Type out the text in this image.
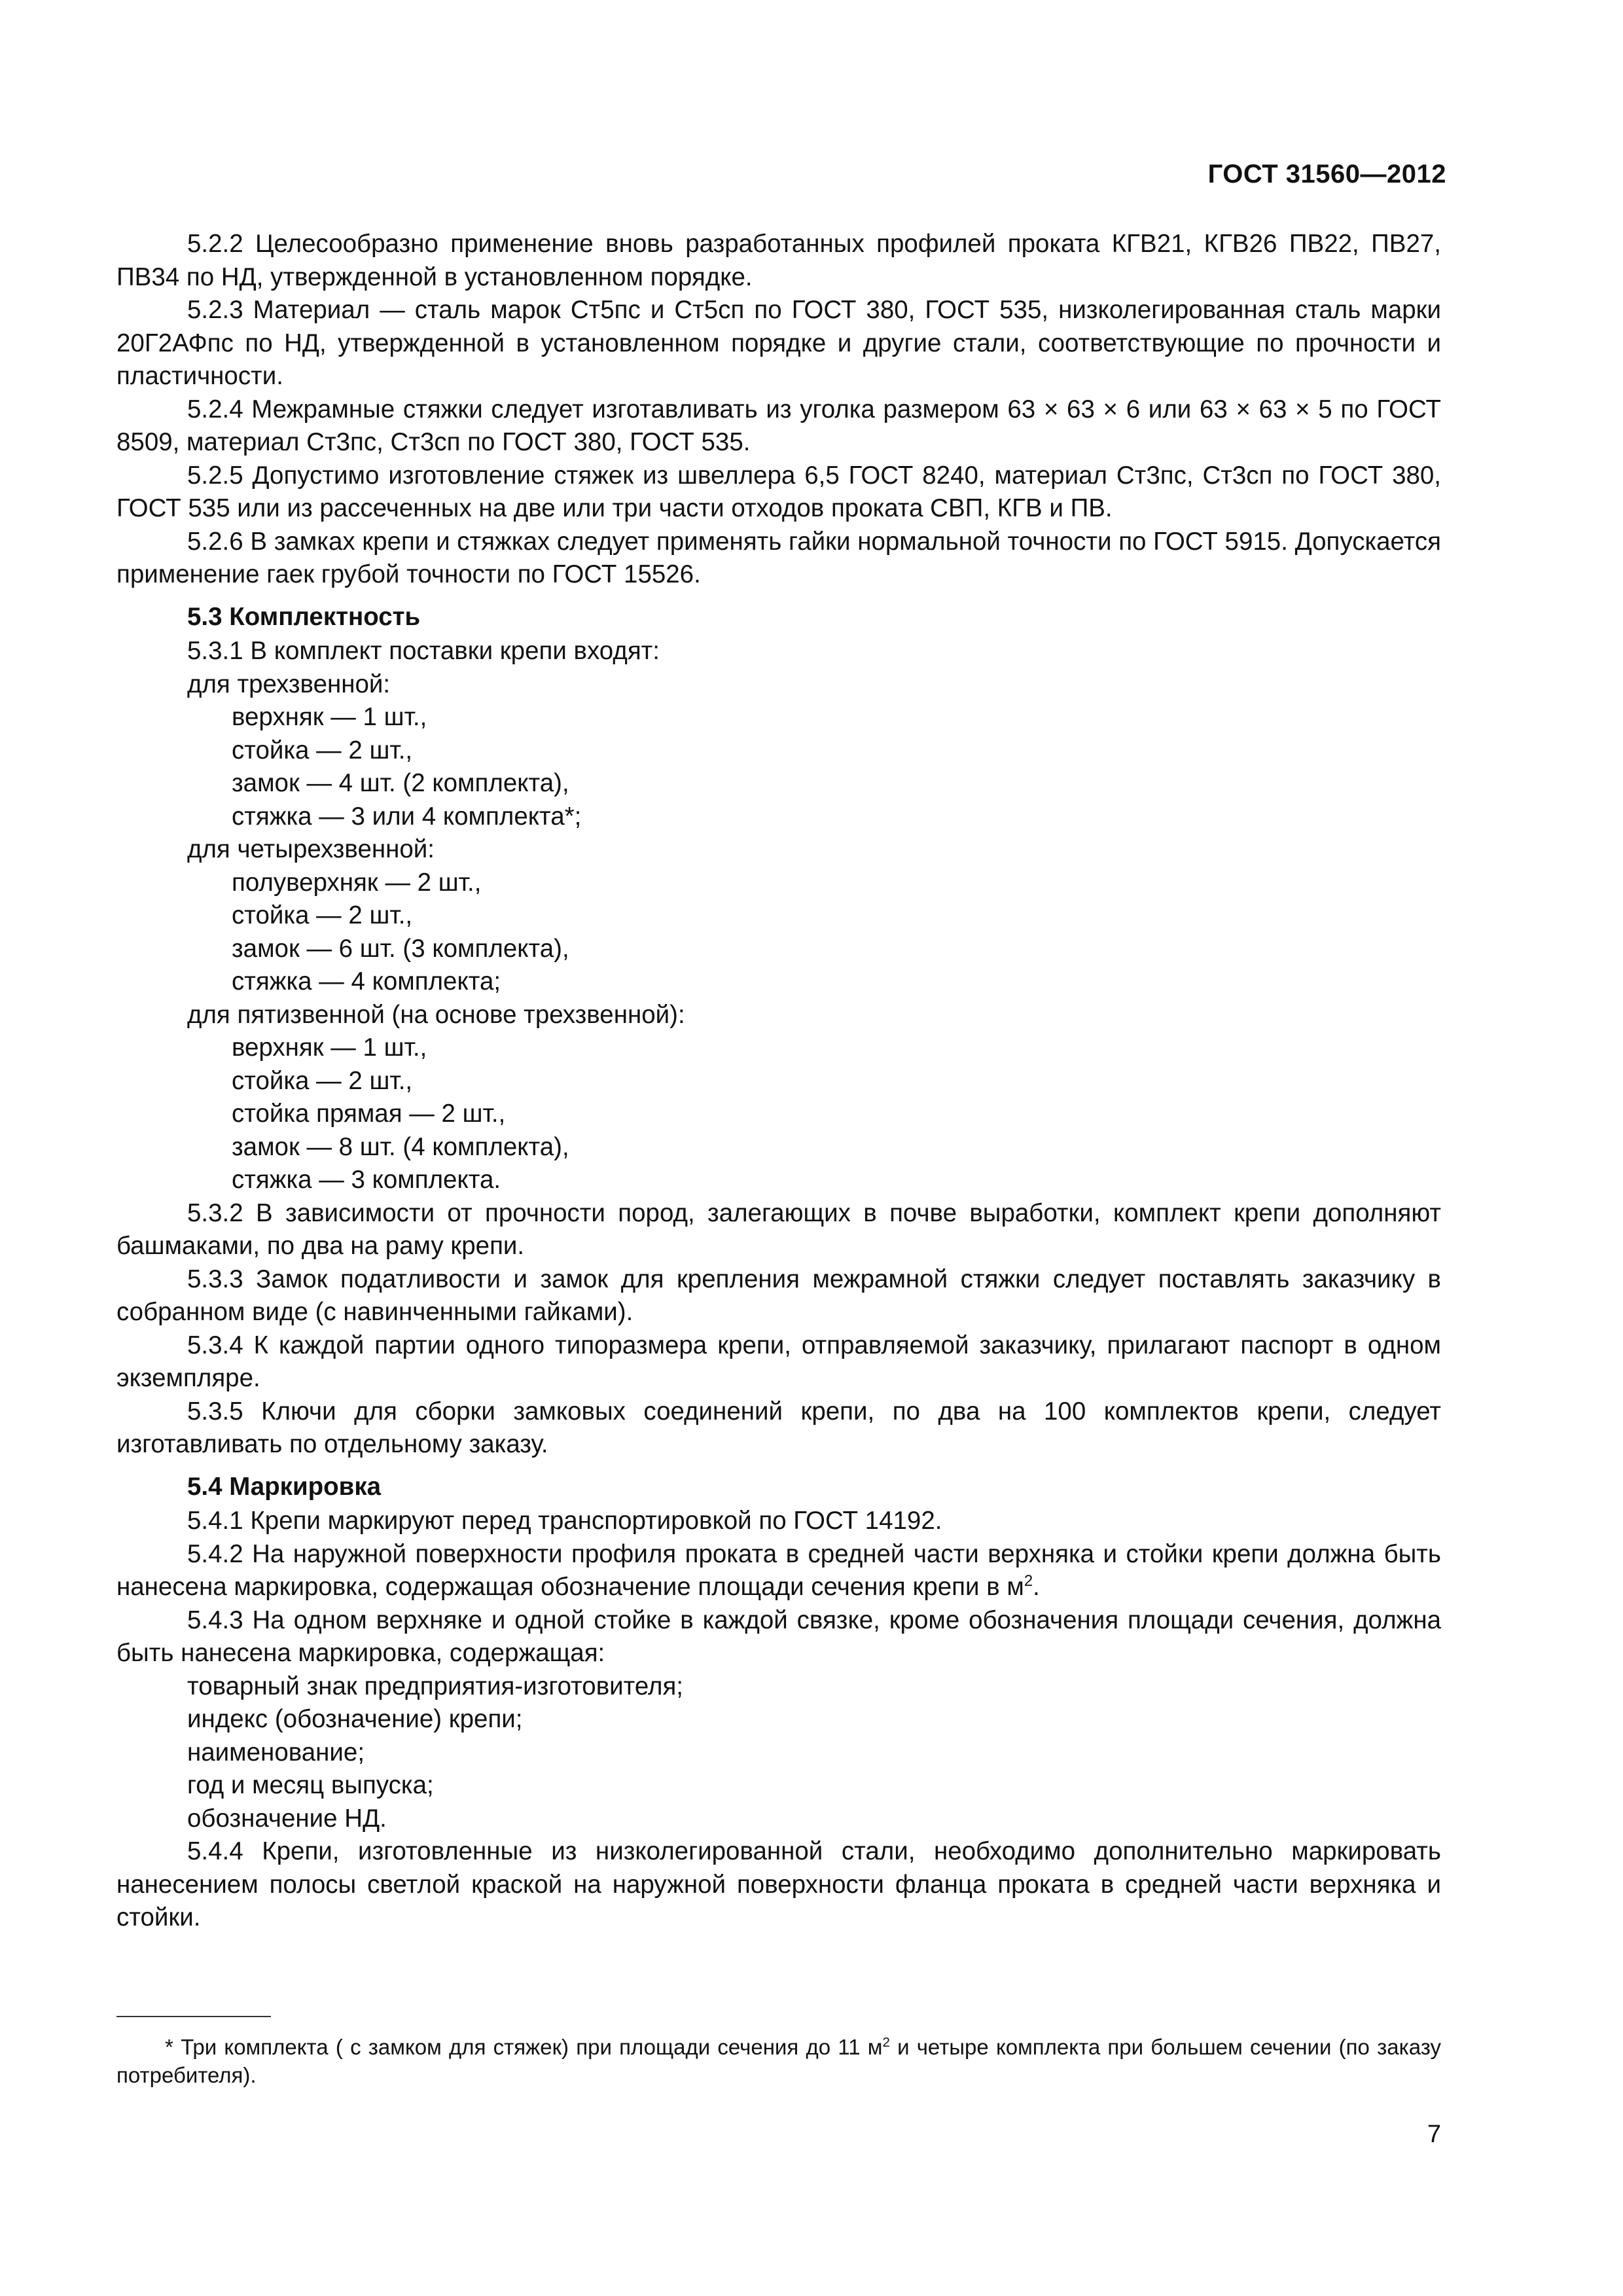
ГОСТ 31560—2012

5.2.2 Целесообразно применение вновь разработанных профилей проката КГВ21, КГВ26 ПВ22, ПВ27, ПВ34 по НД, утвержденной в установленном порядке.

5.2.3 Материал — сталь марок Ст5пс и Ст5сп по ГОСТ 380, ГОСТ 535, низколегированная сталь марки 20Г2АФпс по НД, утвержденной в установленном порядке и другие стали, соответствующие по прочности и пластичности.

5.2.4 Межрамные стяжки следует изготавливать из уголка размером 63 × 63 × 6 или 63 × 63 × 5 по ГОСТ 8509, материал Ст3пс, Ст3сп по ГОСТ 380, ГОСТ 535.

5.2.5 Допустимо изготовление стяжек из швеллера 6,5 ГОСТ 8240, материал Ст3пс, Ст3сп по ГОСТ 380, ГОСТ 535 или из рассеченных на две или три части отходов проката СВП, КГВ и ПВ.

5.2.6 В замках крепи и стяжках следует применять гайки нормальной точности по ГОСТ 5915. Допускается применение гаек грубой точности по ГОСТ 15526.

5.3 Комплектность

5.3.1 В комплект поставки крепи входят:

для трехзвенной:

верхняк — 1 шт.,

стойка — 2 шт.,

замок — 4 шт. (2 комплекта),

стяжка — 3 или 4 комплекта*;

для четырехзвенной:

полуверхняк — 2 шт.,

стойка — 2 шт.,

замок — 6 шт. (3 комплекта),

стяжка — 4 комплекта;

для пятизвенной (на основе трехзвенной):

верхняк — 1 шт.,

стойка — 2 шт.,

стойка прямая — 2 шт.,

замок — 8 шт. (4 комплекта),

стяжка — 3 комплекта.

5.3.2 В зависимости от прочности пород, залегающих в почве выработки, комплект крепи дополняют башмаками, по два на раму крепи.

5.3.3 Замок податливости и замок для крепления межрамной стяжки следует поставлять заказчику в собранном виде (с навинченными гайками).

5.3.4 К каждой партии одного типоразмера крепи, отправляемой заказчику, прилагают паспорт в одном экземпляре.

5.3.5 Ключи для сборки замковых соединений крепи, по два на 100 комплектов крепи, следует изготавливать по отдельному заказу.

5.4 Маркировка

5.4.1 Крепи маркируют перед транспортировкой по ГОСТ 14192.

5.4.2 На наружной поверхности профиля проката в средней части верхняка и стойки крепи должна быть нанесена маркировка, содержащая обозначение площади сечения крепи в $м^2$.

5.4.3 На одном верхняке и одной стойке в каждой связке, кроме обозначения площади сечения, должна быть нанесена маркировка, содержащая:

товарный знак предприятия-изготовителя;

индекс (обозначение) крепи;

наименование;

год и месяц выпуска;

обозначение НД.

5.4.4 Крепи, изготовленные из низколегированной стали, необходимо дополнительно маркировать нанесением полосы светлой краской на наружной поверхности фланца проката в средней части верхняка и стойки.

* Три комплекта ( с замком для стяжек) при площади сечения до 11 $м^2$ и четыре комплекта при большем сечении (по заказу потребителя).
7
